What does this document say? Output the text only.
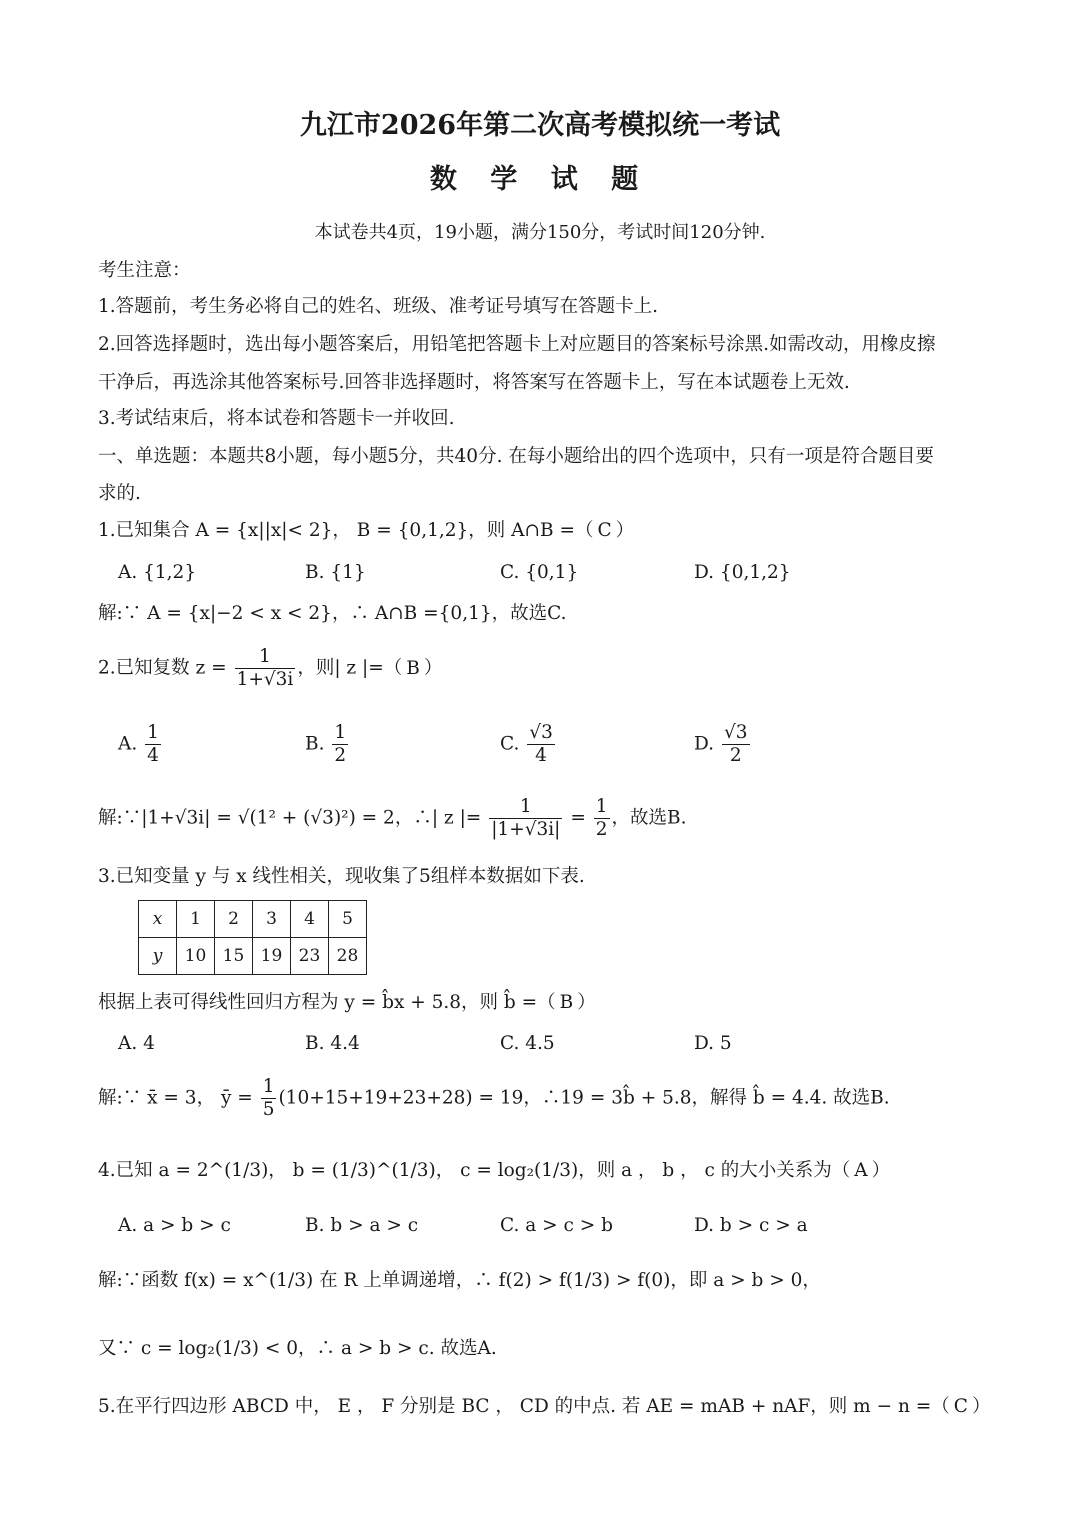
九江市2026年第二次高考模拟统一考试
数 学 试 题
本试卷共4页，19小题，满分150分，考试时间120分钟.
考生注意：
1.答题前，考生务必将自己的姓名、班级、准考证号填写在答题卡上.
2.回答选择题时，选出每小题答案后，用铅笔把答题卡上对应题目的答案标号涂黑.如需改动，用橡皮擦
干净后，再选涂其他答案标号.回答非选择题时，将答案写在答题卡上，写在本试题卷上无效.
3.考试结束后，将本试卷和答题卡一并收回.
一、单选题：本题共8小题，每小题5分，共40分. 在每小题给出的四个选项中，只有一项是符合题目要
求的.
1.已知集合 A = {x||x|< 2}， B = {0,1,2}，则 A∩B =（ C ）
A. {1,2}	B. {1}	C. {0,1}	D. {0,1,2}
解:∵ A = {x|−2 < x < 2}，∴ A∩B ={0,1}，故选C.
2.已知复数 $z = \frac{1}{1+√3i}$ ，则| z |=（ B ）
A. $\frac{1}{4}$	B. $\frac{1}{2}$	C. $\frac{√3}{4}$	D. $\frac{√3}{2}$
解:∵|1+√3i| = √(1² + (√3)²) = 2，∴| z |= $\frac{1}{|1+√3i|} = \frac{1}{2}$ ，故选B.
3.已知变量 y 与 x 线性相关，现收集了5组样本数据如下表.
x	1	2	3	4	5
y	10	15	19	23	28
根据上表可得线性回归方程为 y = b̂x + 5.8，则 b̂ =（ B ）
A. 4	B. 4.4	C. 4.5	D. 5
解:∵ x̄ = 3， ȳ = $\frac{1}{5} (10+15+19+23+28) = 19$，∴19 = 3b̂ + 5.8，解得 b̂ = 4.4. 故选B.
4.已知 a = 2^(1/3)， b = (1/3)^(1/3)， c = log₂(1/3)，则 a ， b ， c 的大小关系为（ A ）
A. a > b > c	B. b > a > c	C. a > c > b	D. b > c > a
解:∵函数 f(x) = x^(1/3) 在 R 上单调递增，∴ f(2) > f(1/3) > f(0)，即 a > b > 0，
又∵ c = log₂(1/3) < 0，∴ a > b > c. 故选A.
5.在平行四边形 ABCD 中， E ， F 分别是 BC ， CD 的中点. 若 AE = mAB + nAF，则 m − n =（ C ）
